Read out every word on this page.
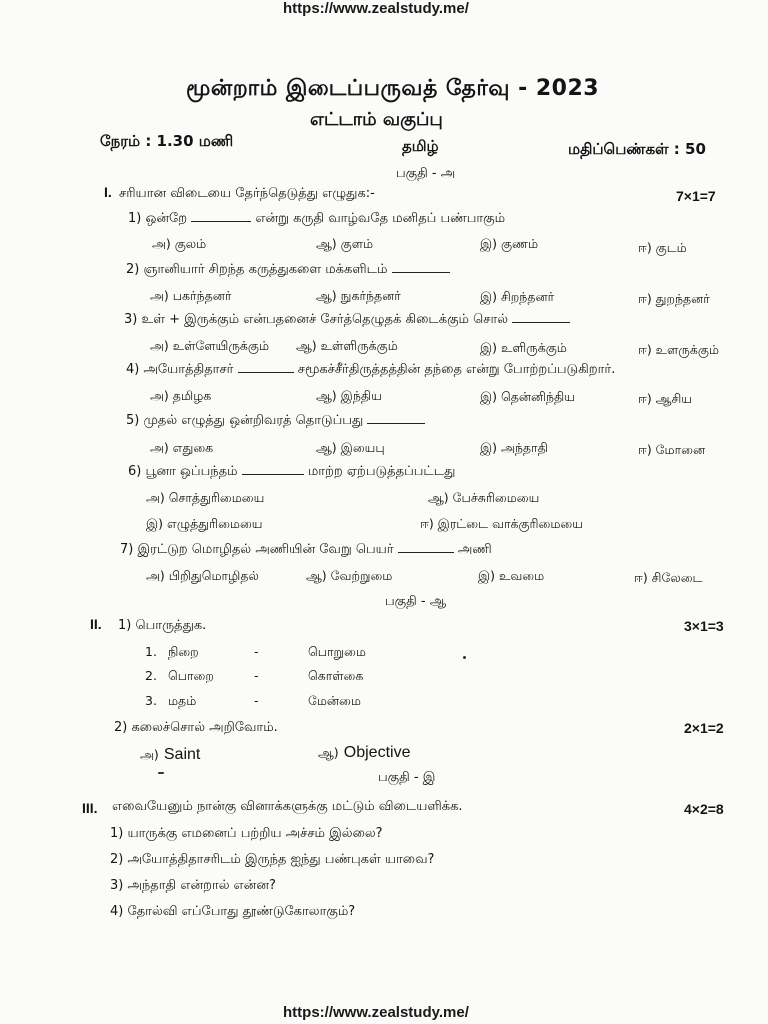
https://www.zealstudy.me/
மூன்றாம் இடைப்பருவத் தேர்வு - 2023
எட்டாம் வகுப்பு
நேரம் : 1.30 மணி	தமிழ்	மதிப்பெண்கள் : 50
பகுதி - அ
I. சரியான விடையை தேர்ந்தெடுத்து எழுதுக:-	7×1=7
1) ஒன்றே	என்று கருதி வாழ்வதே மனிதப் பண்பாகும்
அ) குலம்	ஆ) குளம்	இ) குணம்	ஈ) குடம்
2) ஞானியார் சிறந்த கருத்துகளை மக்களிடம்
அ) பகர்ந்தனர்	ஆ) நுகர்ந்தனர்	இ) சிறந்தனர்	ஈ) துறந்தனர்
3) உள் + இருக்கும் என்பதனைச் சேர்த்தெழுதக் கிடைக்கும் சொல்
அ) உள்ளேயிருக்கும் ஆ) உள்ளிருக்கும்	இ) உளிருக்கும்	ஈ) உளருக்கும்
4) அயோத்திதாசர்	சமூகச்சீர்திருத்தத்தின் தந்தை என்று போற்றப்படுகிறார்.
அ) தமிழக	ஆ) இந்திய	இ) தென்னிந்திய	ஈ) ஆசிய
5) முதல் எழுத்து ஒன்றிவரத் தொடுப்பது
அ) எதுகை	ஆ) இயைபு	இ) அந்தாதி	ஈ) மோனை
6) பூனா ஒப்பந்தம்	மாற்ற ஏற்படுத்தப்பட்டது
அ) சொத்துரிமையை	ஆ) பேச்சுரிமையை
இ) எழுத்துரிமையை	ஈ) இரட்டை வாக்குரிமையை
7) இரட்டுற மொழிதல் அணியின் வேறு பெயர்	அணி
அ) பிறிதுமொழிதல்	ஆ) வேற்றுமை	இ) உவமை	ஈ) சிலேடை
பகுதி - ஆ
II. 1) பொருத்துக.	3×1=3
1. நிறை	-	பொறுமை
2. பொறை	-	கொள்கை
3. மதம்	-	மேன்மை
2) கலைச்சொல் அறிவோம்.	2×1=2
அ) Saint	ஆ) Objective
பகுதி - இ
III. எவையேனும் நான்கு வினாக்களுக்கு மட்டும் விடையளிக்க.	4×2=8
1) யாருக்கு எமனைப் பற்றிய அச்சம் இல்லை?
2) அயோத்திதாசரிடம் இருந்த ஐந்து பண்புகள் யாவை?
3) அந்தாதி என்றால் என்ன?
4) தோல்வி எப்போது தூண்டுகோலாகும்?
https://www.zealstudy.me/
